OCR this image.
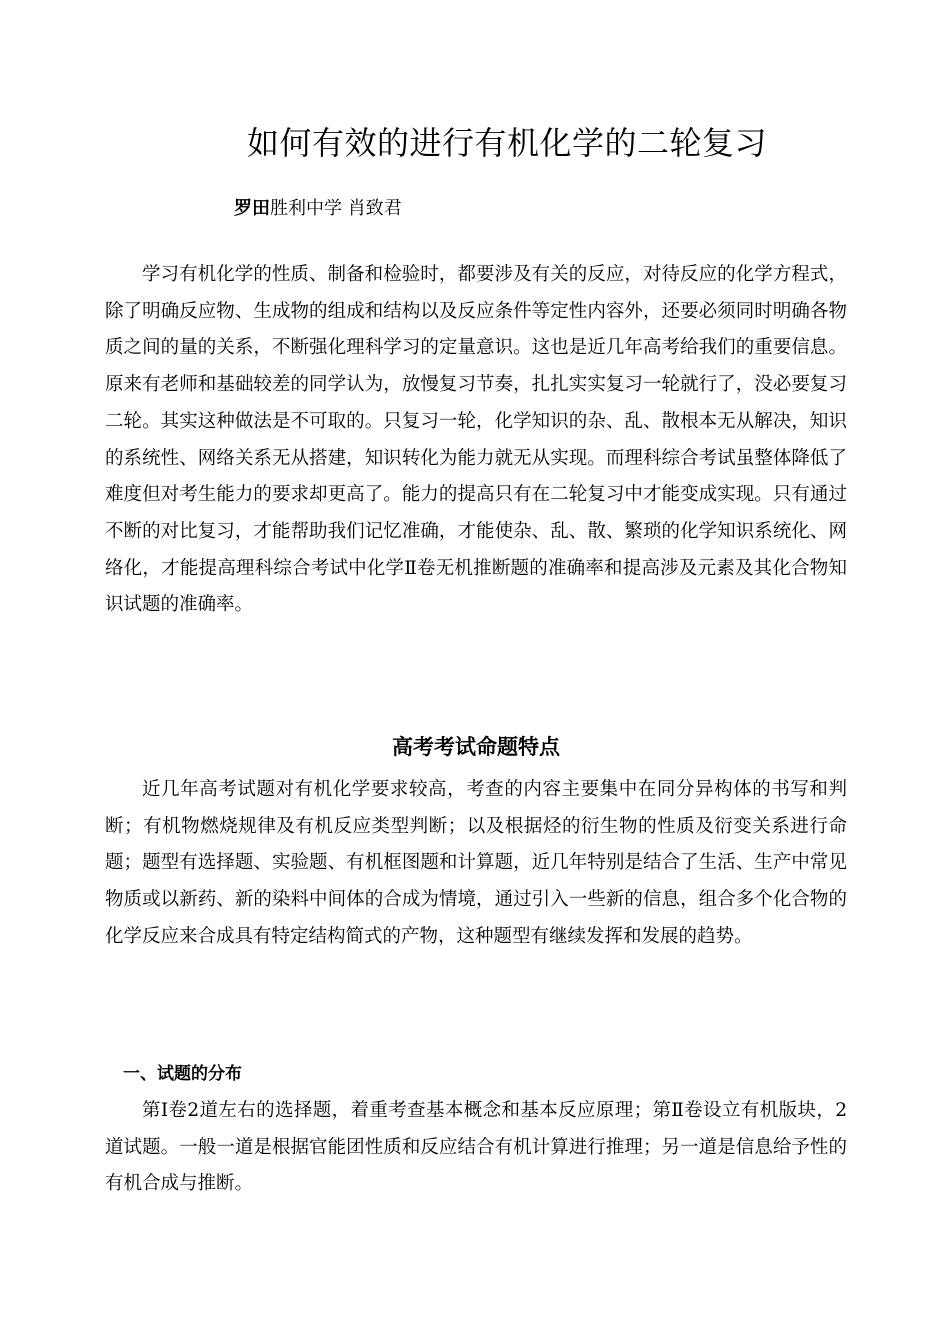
如何有效的进行有机化学的二轮复习

罗田胜利中学 肖致君

学习有机化学的性质、制备和检验时，都要涉及有关的反应，对待反应的化学方程式，除了明确反应物、生成物的组成和结构以及反应条件等定性内容外，还要必须同时明确各物质之间的量的关系，不断强化理科学习的定量意识。这也是近几年高考给我们的重要信息。原来有老师和基础较差的同学认为，放慢复习节奏，扎扎实实复习一轮就行了，没必要复习二轮。其实这种做法是不可取的。只复习一轮，化学知识的杂、乱、散根本无从解决，知识的系统性、网络关系无从搭建，知识转化为能力就无从实现。而理科综合考试虽整体降低了难度但对考生能力的要求却更高了。能力的提高只有在二轮复习中才能变成实现。只有通过不断的对比复习，才能帮助我们记忆准确，才能使杂、乱、散、繁琐的化学知识系统化、网络化，才能提高理科综合考试中化学Ⅱ卷无机推断题的准确率和提高涉及元素及其化合物知识试题的准确率。

高考考试命题特点

近几年高考试题对有机化学要求较高，考查的内容主要集中在同分异构体的书写和判断；有机物燃烧规律及有机反应类型判断；以及根据烃的衍生物的性质及衍变关系进行命题；题型有选择题、实验题、有机框图题和计算题，近几年特别是结合了生活、生产中常见物质或以新药、新的染料中间体的合成为情境，通过引入一些新的信息，组合多个化合物的化学反应来合成具有特定结构简式的产物，这种题型有继续发挥和发展的趋势。

一、试题的分布

第Ⅰ卷2道左右的选择题，着重考查基本概念和基本反应原理；第Ⅱ卷设立有机版块，2道试题。一般一道是根据官能团性质和反应结合有机计算进行推理；另一道是信息给予性的有机合成与推断。
